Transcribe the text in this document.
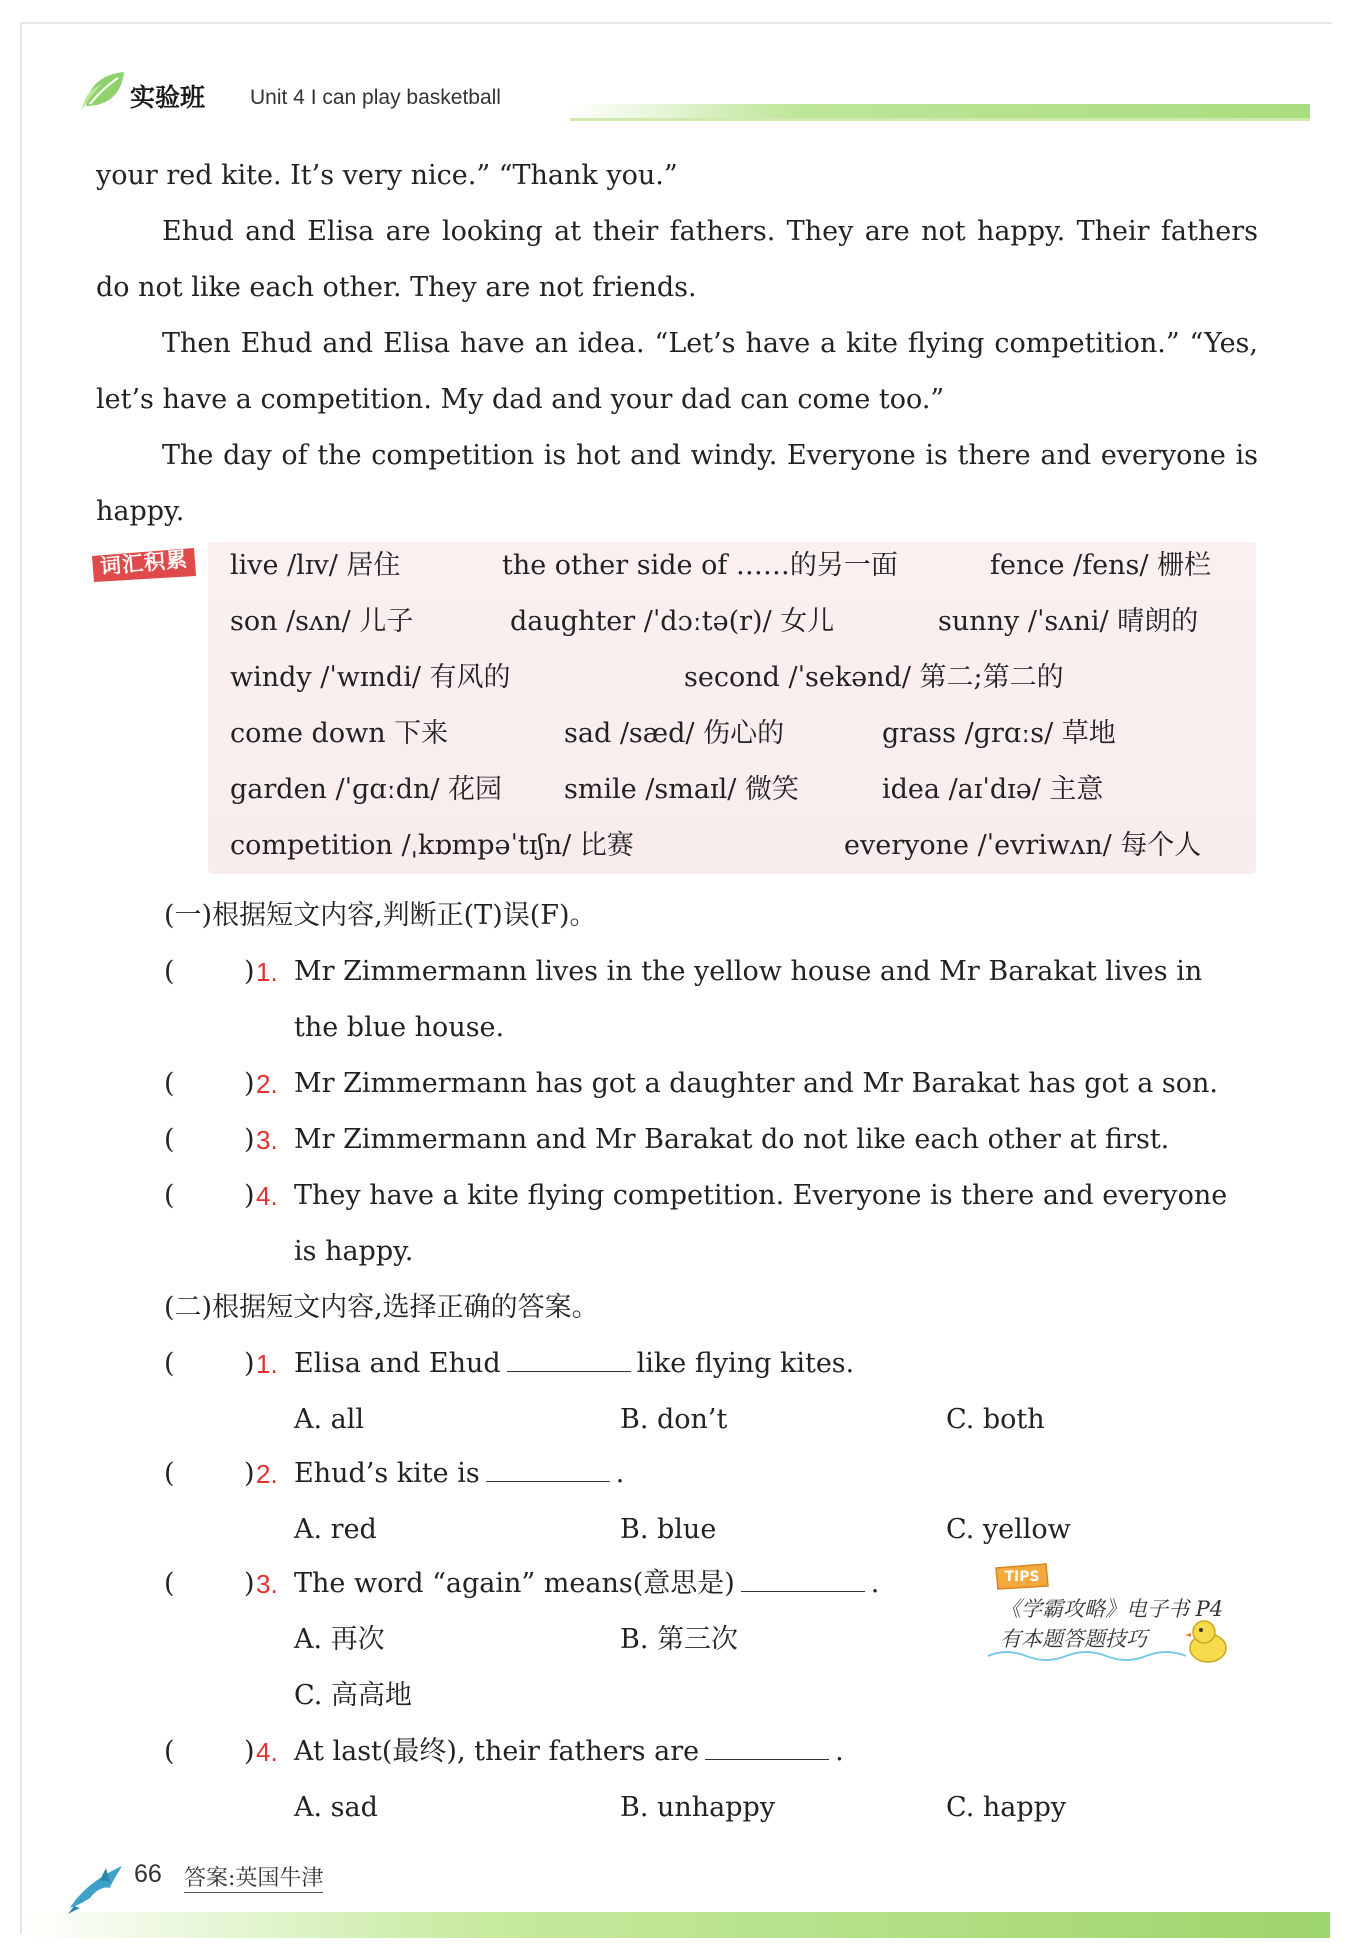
实验班 Unit 4 I can play basketball

your red kite. It’s very nice.” “Thank you.”

Ehud and Elisa are looking at their fathers. They are not happy. Their fathers do not like each other. They are not friends.

Then Ehud and Elisa have an idea. “Let’s have a kite flying competition.” “Yes, let’s have a competition. My dad and your dad can come too.”

The day of the competition is hot and windy. Everyone is there and everyone is happy.

词汇积累	live /lɪv/ 居住	the other side of ……的另一面	fence /fens/ 栅栏
son /sʌn/ 儿子	daughter /ˈdɔːtə(r)/ 女儿	sunny /ˈsʌni/ 晴朗的
windy /ˈwɪndi/ 有风的	second /ˈsekənd/ 第二;第二的
come down 下来	sad /sæd/ 伤心的	grass /ɡrɑːs/ 草地
garden /ˈɡɑːdn/ 花园 smile /smaɪl/ 微笑	idea /aɪˈdɪə/ 主意
competition /ˌkɒmpəˈtɪʃn/ 比赛	everyone /ˈevriwʌn/ 每个人
(一)根据短文内容,判断正(T)误(F)。
(	) 1. Mr Zimmermann lives in the yellow house and Mr Barakat lives in
the blue house.
(	) 2. Mr Zimmermann has got a daughter and Mr Barakat has got a son.
(	) 3. Mr Zimmermann and Mr Barakat do not like each other at first.
(	) 4. They have a kite flying competition. Everyone is there and everyone
is happy.
(二)根据短文内容,选择正确的答案。
(	) 1. Elisa and Ehud	like flying kites.
A. all	B. don’t	C. both
(	) 2. Ehud’s kite is	.
A. red	B. blue	C. yellow
(	) 3. The word “again” means(意思是)	.
A. 再次	B. 第三次
C. 高高地
(	) 4. At last(最终), their fathers are	.
A. sad	B. unhappy	C. happy
TIPS
《学霸攻略》电子书 P4
有本题答题技巧
66 答案:英国牛津
